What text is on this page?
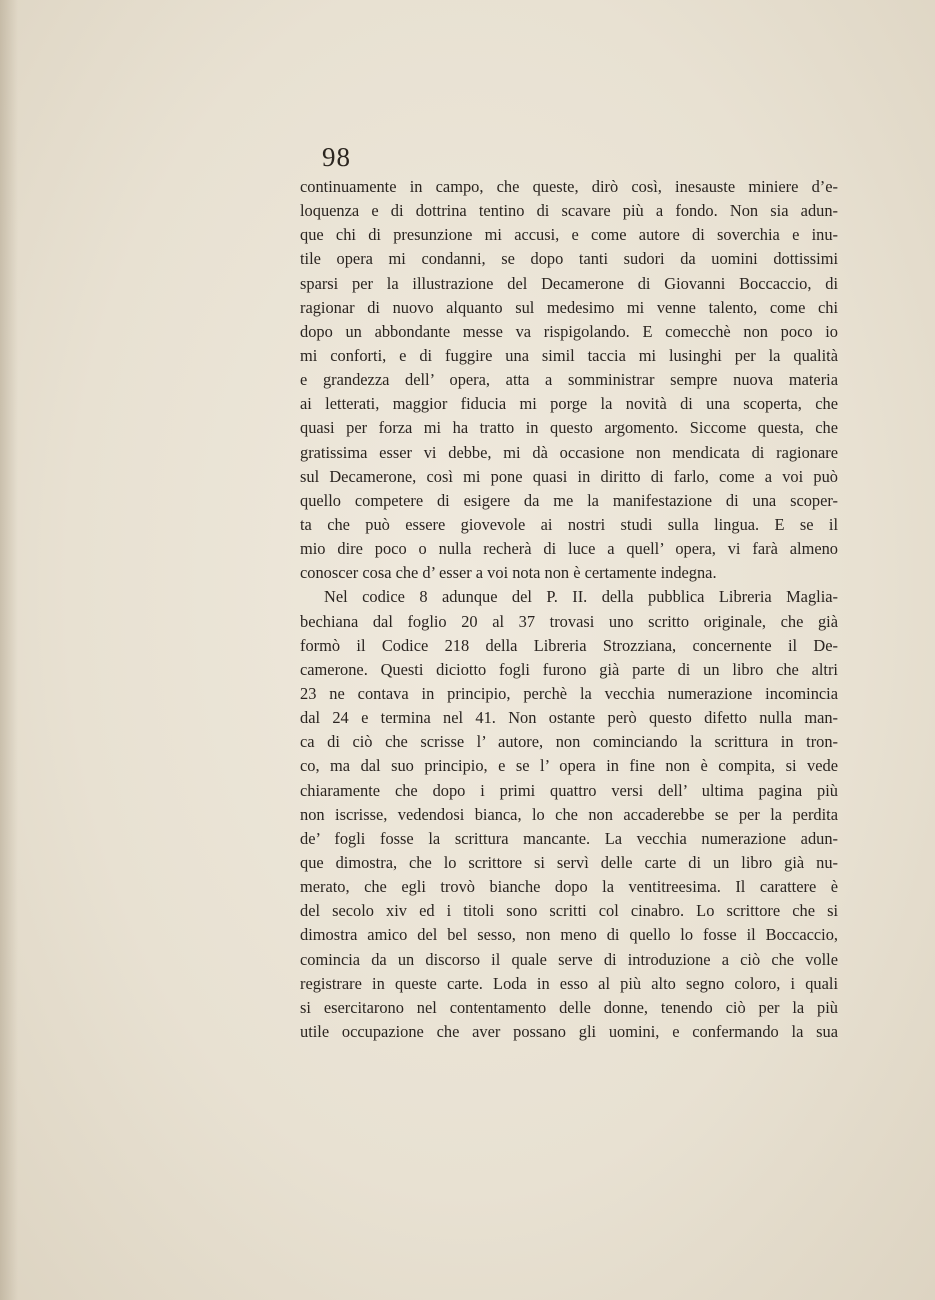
98
continuamente in campo, che queste, dirò così, inesauste miniere d’e-
loquenza e di dottrina tentino di scavare più a fondo. Non sia adun-
que chi di presunzione mi accusi, e come autore di soverchia e inu-
tile opera mi condanni, se dopo tanti sudori da uomini dottissimi
sparsi per la illustrazione del Decamerone di Giovanni Boccaccio, di
ragionar di nuovo alquanto sul medesimo mi venne talento, come chi
dopo un abbondante messe va rispigolando. E comecchè non poco io
mi conforti, e di fuggire una simil taccia mi lusinghi per la qualità
e grandezza dell’ opera, atta a somministrar sempre nuova materia
ai letterati, maggior fiducia mi porge la novità di una scoperta, che
quasi per forza mi ha tratto in questo argomento. Siccome questa, che
gratissima esser vi debbe, mi dà occasione non mendicata di ragionare
sul Decamerone, così mi pone quasi in diritto di farlo, come a voi può
quello competere di esigere da me la manifestazione di una scoper-
ta che può essere giovevole ai nostri studi sulla lingua. E se il
mio dire poco o nulla recherà di luce a quell’ opera, vi farà almeno
conoscer cosa che d’ esser a voi nota non è certamente indegna.
Nel codice 8 adunque del P. II. della pubblica Libreria Maglia-
bechiana dal foglio 20 al 37 trovasi uno scritto originale, che già
formò il Codice 218 della Libreria Strozziana, concernente il De-
camerone. Questi diciotto fogli furono già parte di un libro che altri
23 ne contava in principio, perchè la vecchia numerazione incomincia
dal 24 e termina nel 41. Non ostante però questo difetto nulla man-
ca di ciò che scrisse l’ autore, non cominciando la scrittura in tron-
co, ma dal suo principio, e se l’ opera in fine non è compita, si vede
chiaramente che dopo i primi quattro versi dell’ ultima pagina più
non iscrisse, vedendosi bianca, lo che non accaderebbe se per la perdita
de’ fogli fosse la scrittura mancante. La vecchia numerazione adun-
que dimostra, che lo scrittore si servì delle carte di un libro già nu-
merato, che egli trovò bianche dopo la ventitreesima. Il carattere è
del secolo xiv ed i titoli sono scritti col cinabro. Lo scrittore che si
dimostra amico del bel sesso, non meno di quello lo fosse il Boccaccio,
comincia da un discorso il quale serve di introduzione a ciò che volle
registrare in queste carte. Loda in esso al più alto segno coloro, i quali
si esercitarono nel contentamento delle donne, tenendo ciò per la più
utile occupazione che aver possano gli uomini, e confermando la sua
